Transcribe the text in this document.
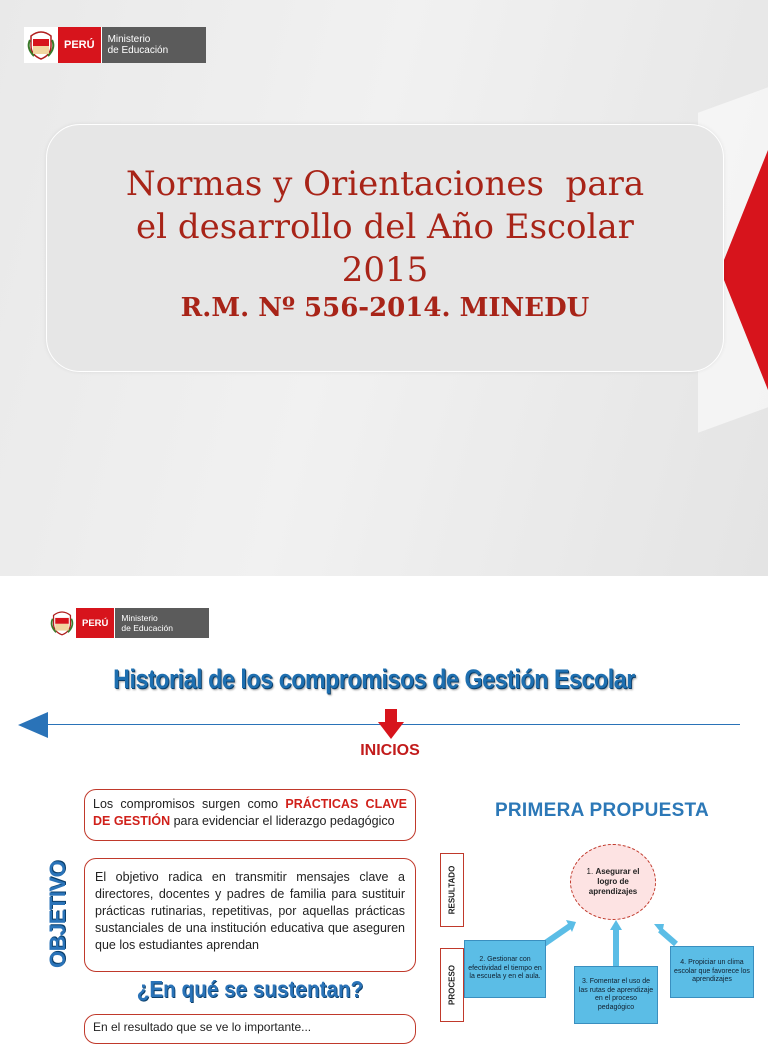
PERÚ	Ministerio
de Educación
Normas y Orientaciones  para
el desarrollo del Año Escolar
2015
R.M. Nº 556-2014. MINEDU
PERÚ	Ministerio
de Educación
Historial de los compromisos de Gestión Escolar
INICIOS
Los compromisos surgen como PRÁCTICAS CLAVE DE GESTIÓN para evidenciar el liderazgo pedagógico
OBJETIVO	El objetivo radica en transmitir mensajes clave a directores, docentes y padres de familia para sustituir prácticas rutinarias, repetitivas, por aquellas prácticas sustanciales de una institución educativa que aseguren que los estudiantes aprendan
¿En qué se sustentan?
En el resultado que se ve lo importante...
PRIMERA PROPUESTA
RESULTADO
PROCESO
1. Asegurar el logro de aprendizajes
2. Gestionar con efectividad el tiempo en la escuela y en el aula.
3. Fomentar el uso de las rutas de aprendizaje en el proceso pedagógico
4. Propiciar un clima escolar que favorece los aprendizajes
